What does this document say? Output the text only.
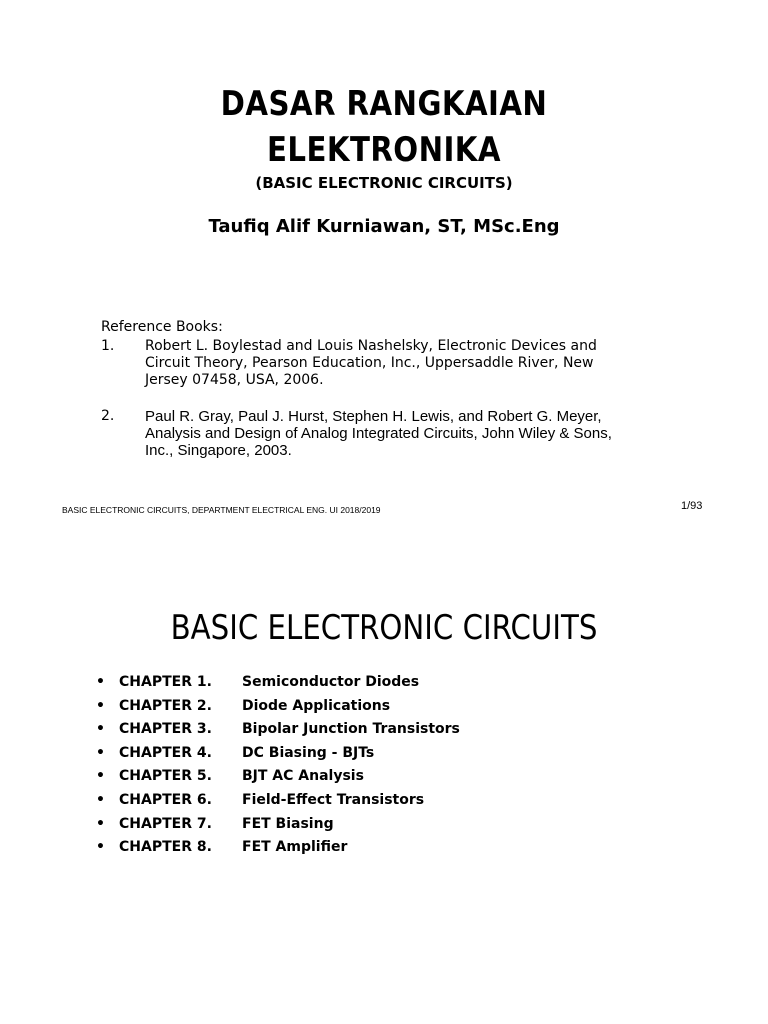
DASAR RANGKAIAN
ELEKTRONIKA
(BASIC ELECTRONIC CIRCUITS)
Taufiq Alif Kurniawan, ST, MSc.Eng
Reference Books:
1. Robert L. Boylestad and Louis Nashelsky, Electronic Devices and
Circuit Theory, Pearson Education, Inc., Uppersaddle River, New
Jersey 07458, USA, 2006.
2. Paul R. Gray, Paul J. Hurst, Stephen H. Lewis, and Robert G. Meyer,
Analysis and Design of Analog Integrated Circuits, John Wiley & Sons,
Inc., Singapore, 2003.
BASIC ELECTRONIC CIRCUITS, DEPARTMENT ELECTRICAL ENG. UI 2018/2019	1/93
BASIC ELECTRONIC CIRCUITS
• CHAPTER 1. Semiconductor Diodes
• CHAPTER 2. Diode Applications
• CHAPTER 3. Bipolar Junction Transistors
• CHAPTER 4. DC Biasing - BJTs
• CHAPTER 5. BJT AC Analysis
• CHAPTER 6. Field-Effect Transistors
• CHAPTER 7. FET Biasing
• CHAPTER 8. FET Amplifier
